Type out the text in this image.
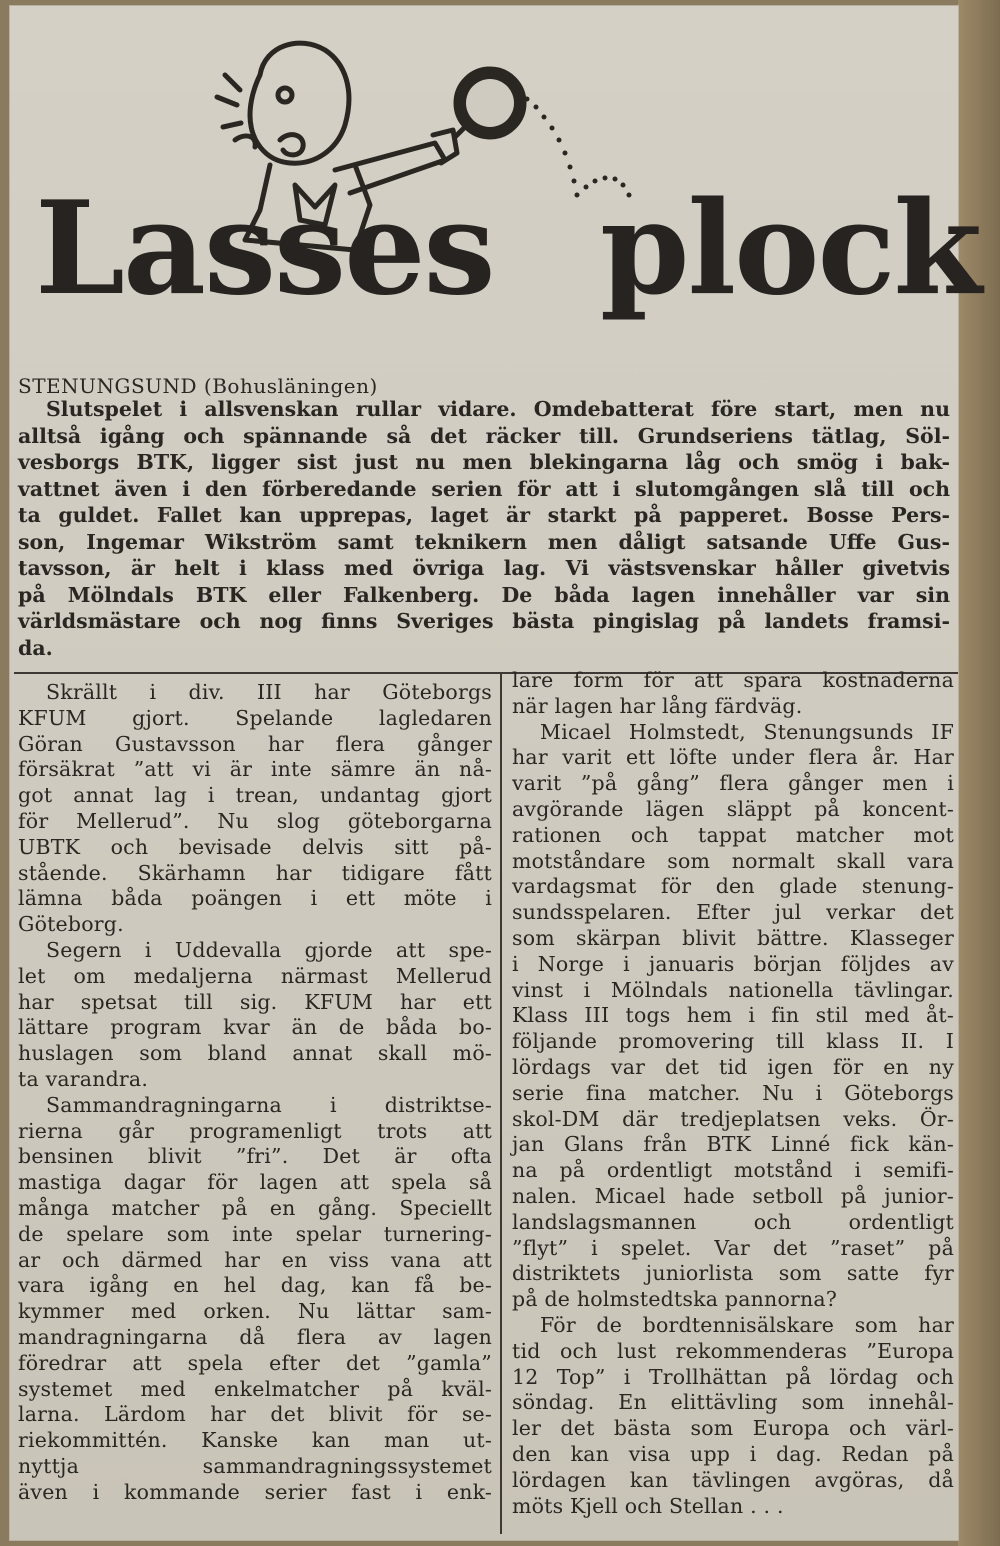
Lasses plock
STENUNGSUND (Bohusläningen)
Slutspelet i allsvenskan rullar vidare. Omdebatterat före start, men nu
alltså igång och spännande så det räcker till. Grundseriens tätlag, Söl-
vesborgs BTK, ligger sist just nu men blekingarna låg och smög i bak-
vattnet även i den förberedande serien för att i slutomgången slå till och
ta guldet. Fallet kan upprepas, laget är starkt på papperet. Bosse Pers-
son, Ingemar Wikström samt teknikern men dåligt satsande Uffe Gus-
tavsson, är helt i klass med övriga lag. Vi västsvenskar håller givetvis
på Mölndals BTK eller Falkenberg. De båda lagen innehåller var sin
världsmästare och nog finns Sveriges bästa pingislag på landets framsi-
da.
Skrällt i div. III har Göteborgs
KFUM gjort. Spelande lagledaren
Göran Gustavsson har flera gånger
försäkrat ”att vi är inte sämre än nå-
got annat lag i trean, undantag gjort
för Mellerud”. Nu slog göteborgarna
UBTK och bevisade delvis sitt på-
stående. Skärhamn har tidigare fått
lämna båda poängen i ett möte i
Göteborg.
Segern i Uddevalla gjorde att spe-
let om medaljerna närmast Mellerud
har spetsat till sig. KFUM har ett
lättare program kvar än de båda bo-
huslagen som bland annat skall mö-
ta varandra.
Sammandragningarna i distriktse-
rierna går programenligt trots att
bensinen blivit ”fri”. Det är ofta
mastiga dagar för lagen att spela så
många matcher på en gång. Speciellt
de spelare som inte spelar turnering-
ar och därmed har en viss vana att
vara igång en hel dag, kan få be-
kymmer med orken. Nu lättar sam-
mandragningarna då flera av lagen
föredrar att spela efter det ”gamla”
systemet med enkelmatcher på kväl-
larna. Lärdom har det blivit för se-
riekommittén. Kanske kan man ut-
nyttja sammandragningssystemet
även i kommande serier fast i enk-
lare form för att spara kostnaderna
när lagen har lång färdväg.
Micael Holmstedt, Stenungsunds IF
har varit ett löfte under flera år. Har
varit ”på gång” flera gånger men i
avgörande lägen släppt på koncent-
rationen och tappat matcher mot
motståndare som normalt skall vara
vardagsmat för den glade stenung-
sundsspelaren. Efter jul verkar det
som skärpan blivit bättre. Klasseger
i Norge i januaris början följdes av
vinst i Mölndals nationella tävlingar.
Klass III togs hem i fin stil med åt-
följande promovering till klass II. I
lördags var det tid igen för en ny
serie fina matcher. Nu i Göteborgs
skol-DM där tredjeplatsen veks. Ör-
jan Glans från BTK Linné fick kän-
na på ordentligt motstånd i semifi-
nalen. Micael hade setboll på junior-
landslagsmannen och ordentligt
”flyt” i spelet. Var det ”raset” på
distriktets juniorlista som satte fyr
på de holmstedtska pannorna?
För de bordtennisälskare som har
tid och lust rekommenderas ”Europa
12 Top” i Trollhättan på lördag och
söndag. En elittävling som innehål-
ler det bästa som Europa och värl-
den kan visa upp i dag. Redan på
lördagen kan tävlingen avgöras, då
möts Kjell och Stellan . . .
